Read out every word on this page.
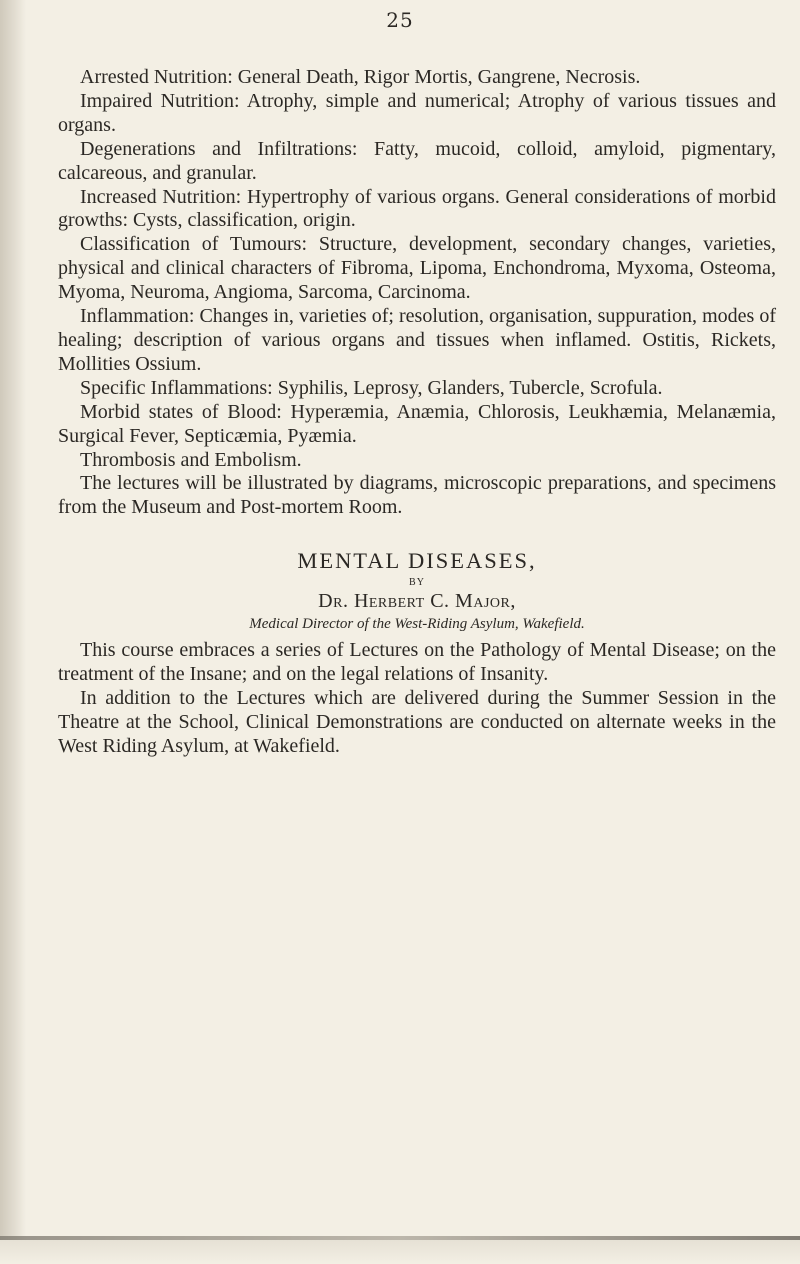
25

Arrested Nutrition: General Death, Rigor Mortis, Gangrene, Necrosis.

Impaired Nutrition: Atrophy, simple and numerical; Atrophy of various tissues and organs.

Degenerations and Infiltrations: Fatty, mucoid, colloid, amyloid, pigmentary, calcareous, and granular.

Increased Nutrition: Hypertrophy of various organs. General considerations of morbid growths: Cysts, classification, origin.

Classification of Tumours: Structure, development, secondary changes, varieties, physical and clinical characters of Fibroma, Lipoma, Enchondroma, Myxoma, Osteoma, Myoma, Neuroma, Angioma, Sarcoma, Carcinoma.

Inflammation: Changes in, varieties of; resolution, organisation, suppuration, modes of healing; description of various organs and tissues when inflamed. Ostitis, Rickets, Mollities Ossium.

Specific Inflammations: Syphilis, Leprosy, Glanders, Tubercle, Scrofula.

Morbid states of Blood: Hyperæmia, Anæmia, Chlorosis, Leukhæmia, Melanæmia, Surgical Fever, Septicæmia, Pyæmia.

Thrombosis and Embolism.

The lectures will be illustrated by diagrams, microscopic preparations, and specimens from the Museum and Post-mortem Room.

MENTAL DISEASES,
BY
Dr. Herbert C. Major,
Medical Director of the West-Riding Asylum, Wakefield.

This course embraces a series of Lectures on the Pathology of Mental Disease; on the treatment of the Insane; and on the legal relations of Insanity.

In addition to the Lectures which are delivered during the Summer Session in the Theatre at the School, Clinical Demonstrations are conducted on alternate weeks in the West Riding Asylum, at Wakefield.
